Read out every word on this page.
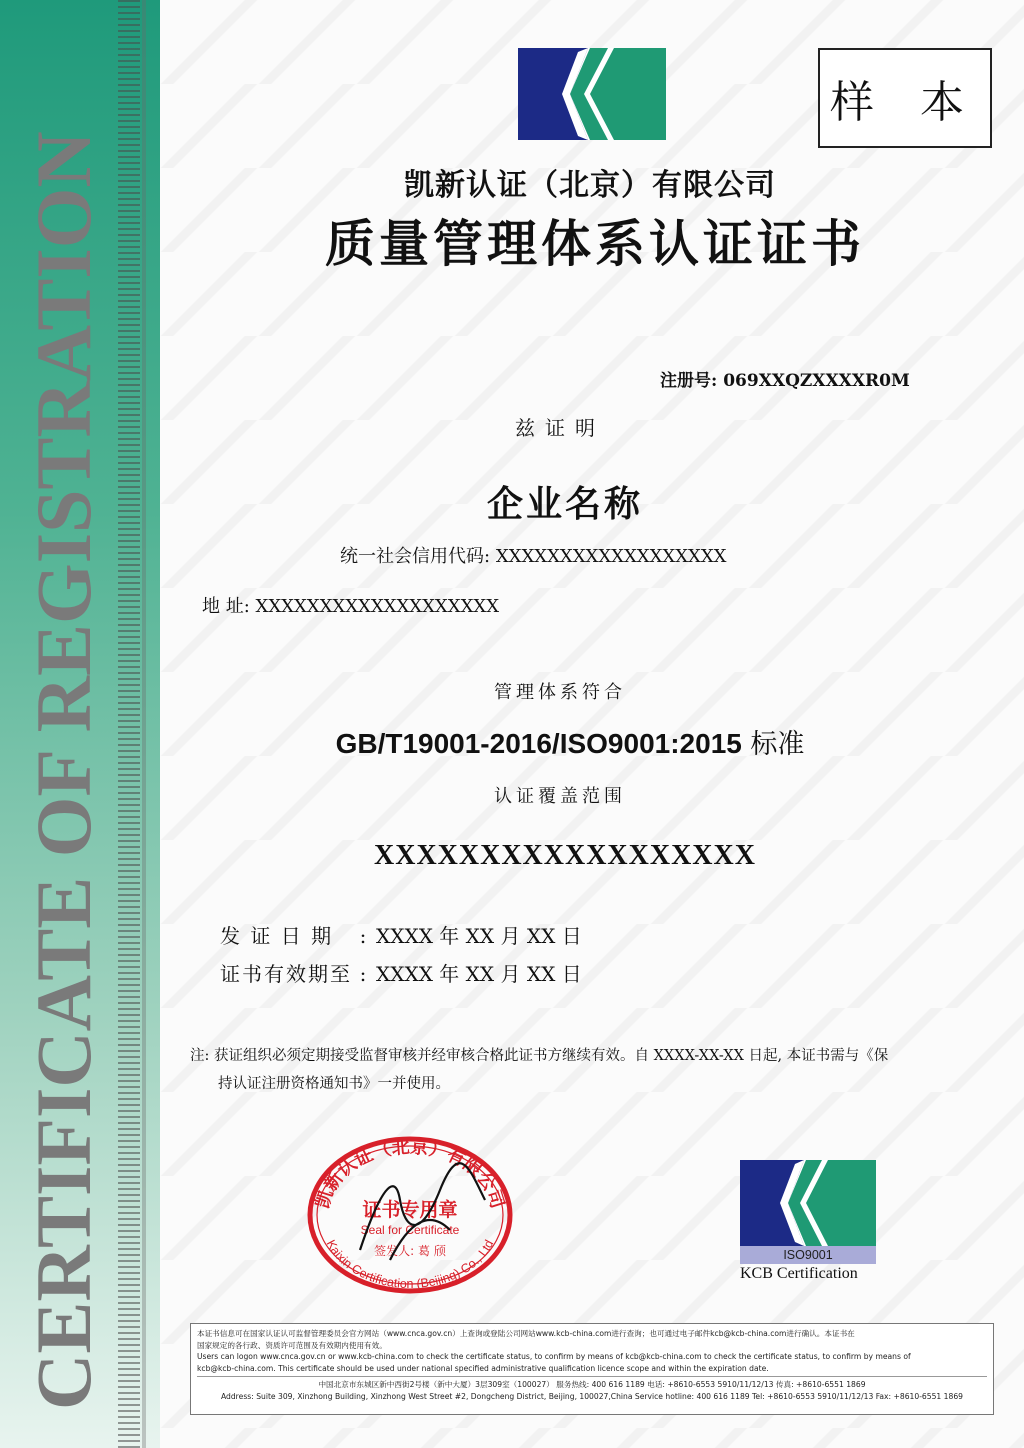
CERTIFICATE OF REGISTRATION
样 本
凯新认证（北京）有限公司
质量管理体系认证证书
注册号: 069XXQZXXXXR0M
兹证明
企业名称
统一社会信用代码: XXXXXXXXXXXXXXXXXX
地 址: XXXXXXXXXXXXXXXXXXX
管理体系符合
GB/T19001-2016/ISO9001:2015 标准
认证覆盖范围
XXXXXXXXXXXXXXXXXX
发 证 日 期 : XXXX 年 XX 月 XX 日
证书有效期至 : XXXX 年 XX 月 XX 日
注: 获证组织必须定期接受监督审核并经审核合格此证书方继续有效。自 XXXX-XX-XX 日起, 本证书需与《保
持认证注册资格通知书》一并使用。
凯新认证（北京）有限公司
证书专用章
Seal for Certificate
签发人: 葛 颀
Kaixin Certification (Beijing) Co., Ltd
ISO9001
KCB Certification
本证书信息可在国家认证认可监督管理委员会官方网站（www.cnca.gov.cn）上查询或登陆公司网站www.kcb-china.com进行查询；也可通过电子邮件kcb@kcb-china.com进行确认。本证书在
国家规定的各行政、资质许可范围及有效期内使用有效。
Users can logon www.cnca.gov.cn or www.kcb-china.com to check the certificate status, to confirm by means of kcb@kcb-china.com to check the certificate status, to confirm by means of
kcb@kcb-china.com. This certificate should be used under national specified administrative qualification licence scope and within the expiration date.
中国北京市东城区新中西街2号楼（新中大厦）3层309室（100027） 服务热线: 400 616 1189 电话: +8610-6553 5910/11/12/13 传真: +8610-6551 1869
Address: Suite 309, Xinzhong Building, Xinzhong West Street #2, Dongcheng District, Beijing, 100027,China Service hotline: 400 616 1189 Tel: +8610-6553 5910/11/12/13 Fax: +8610-6551 1869
